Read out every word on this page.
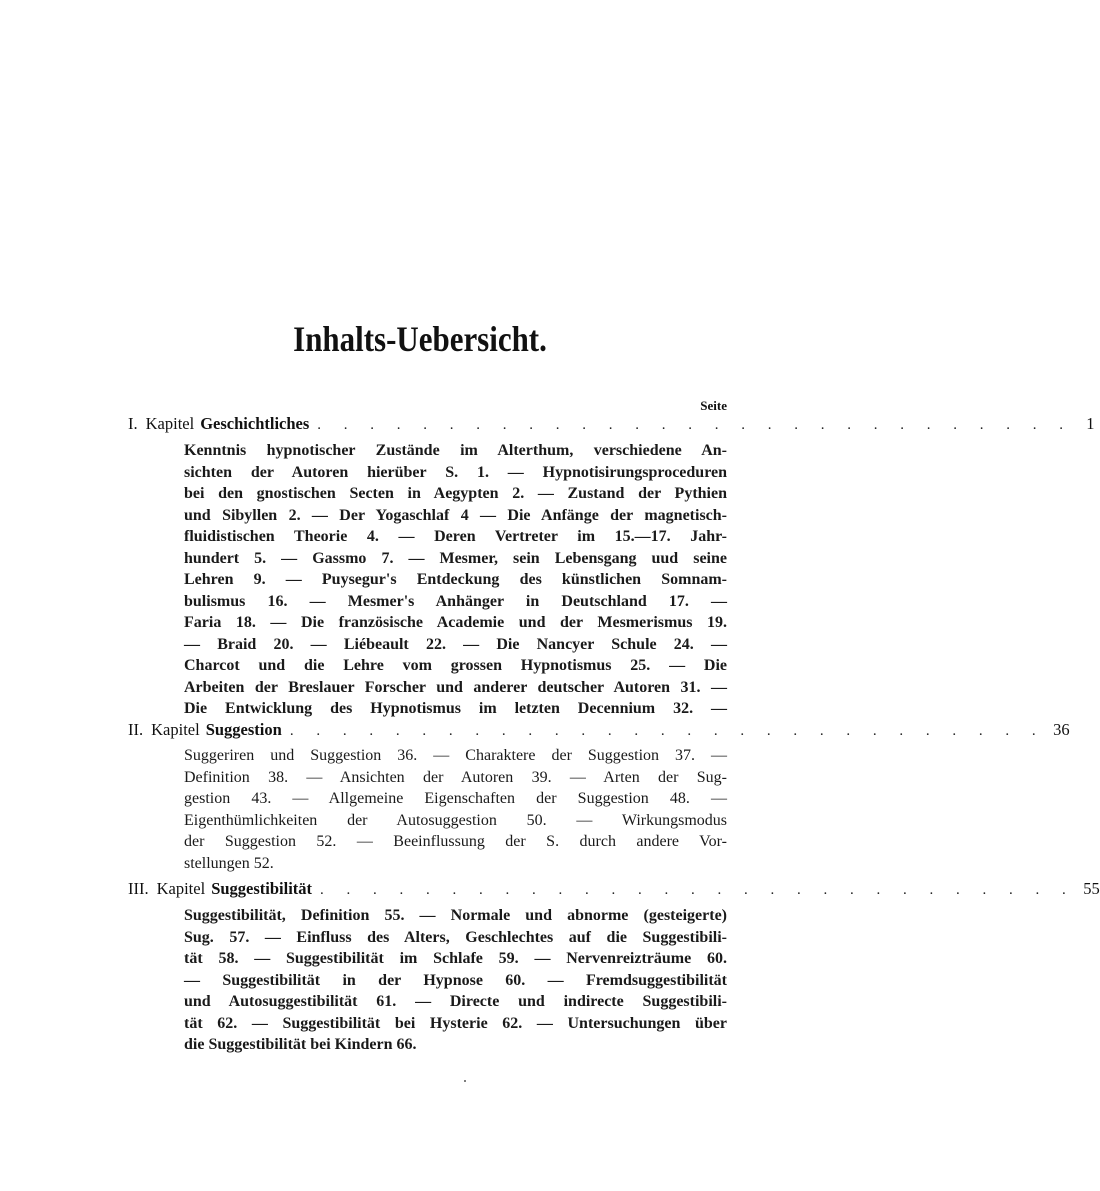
Inhalts-Uebersicht.
Seite
I. Kapitel Geschichtliches . . . . . . . . . . . . . . . . . . . . . . . . . . . . . 1
Kenntnis hypnotischer Zustände im Alterthum, verschiedene An-
sichten der Autoren hierüber S. 1. — Hypnotisirungsproceduren
bei den gnostischen Secten in Aegypten 2. — Zustand der Pythien
und Sibyllen 2. — Der Yogaschlaf 4 — Die Anfänge der magnetisch-
fluidistischen Theorie 4. — Deren Vertreter im 15.—17. Jahr-
hundert 5. — Gassmo 7. — Mesmer, sein Lebensgang uud seine
Lehren 9. — Puysegur's Entdeckung des künstlichen Somnam-
bulismus 16. — Mesmer's Anhänger in Deutschland 17. —
Faria 18. — Die französische Academie und der Mesmerismus 19.
— Braid 20. — Liébeault 22. — Die Nancyer Schule 24. —
Charcot und die Lehre vom grossen Hypnotismus 25. — Die
Arbeiten der Breslauer Forscher und anderer deutscher Autoren 31. —
Die Entwicklung des Hypnotismus im letzten Decennium 32. —
II. Kapitel Suggestion . . . . . . . . . . . . . . . . . . . . . . . . . . . . . 36
Suggeriren und Suggestion 36. — Charaktere der Suggestion 37. —
Definition 38. — Ansichten der Autoren 39. — Arten der Sug-
gestion 43. — Allgemeine Eigenschaften der Suggestion 48. —
Eigenthümlichkeiten der Autosuggestion 50. — Wirkungsmodus
der Suggestion 52. — Beeinflussung der S. durch andere Vor-
stellungen 52.
III. Kapitel Suggestibilität . . . . . . . . . . . . . . . . . . . . . . . . . . . . . 55
Suggestibilität, Definition 55. — Normale und abnorme (gesteigerte)
Sug. 57. — Einfluss des Alters, Geschlechtes auf die Suggestibili-
tät 58. — Suggestibilität im Schlafe 59. — Nervenreizträume 60.
— Suggestibilität in der Hypnose 60. — Fremdsuggestibilität
und Autosuggestibilität 61. — Directe und indirecte Suggestibili-
tät 62. — Suggestibilität bei Hysterie 62. — Untersuchungen über
die Suggestibilität bei Kindern 66.
